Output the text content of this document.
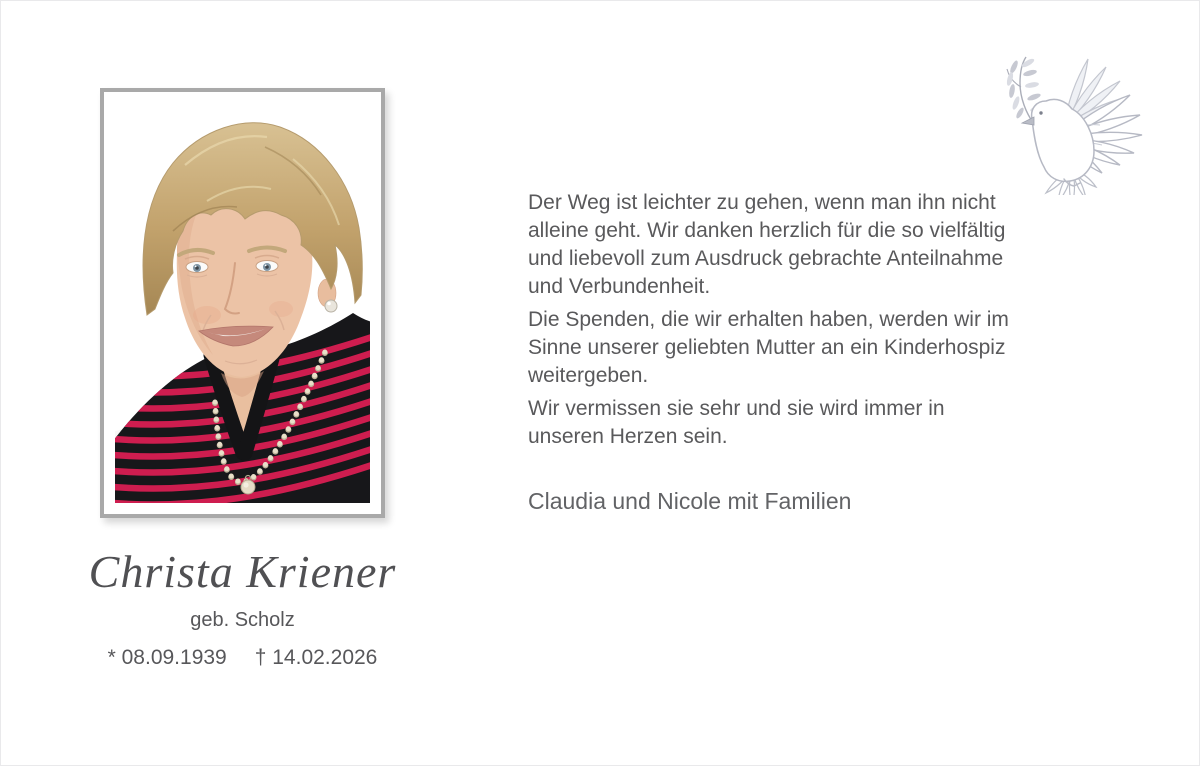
Christa Kriener
geb. Scholz
* 08.09.1939 † 14.02.2026

Der Weg ist leichter zu gehen, wenn man ihn nicht
alleine geht. Wir danken herzlich für die so vielfältig
und liebevoll zum Ausdruck gebrachte Anteilnahme
und Verbundenheit.

Die Spenden, die wir erhalten haben, werden wir im
Sinne unserer geliebten Mutter an ein Kinderhospiz
weitergeben.

Wir vermissen sie sehr und sie wird immer in
unseren Herzen sein.

Claudia und Nicole mit Familien
